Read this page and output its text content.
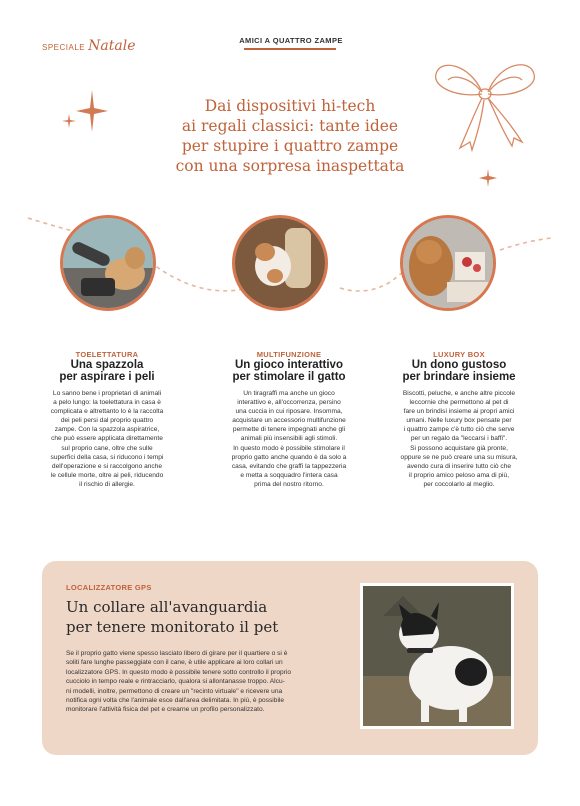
SPECIALE Natale	AMICI A QUATTRO ZAMPE
Dai dispositivi hi-tech
ai regali classici: tante idee
per stupire i quattro zampe
con una sorpresa inaspettata
TOELETTATURA
Una spazzola
per aspirare i peli
Lo sanno bene i proprietari di animali
a pelo lungo: la toelettatura in casa è
complicata e altrettanto lo è la raccolta
dei peli persi dal proprio quattro
zampe. Con la spazzola aspiratrice,
che può essere applicata direttamente
sul proprio cane, oltre che sulle
superfici della casa, si riducono i tempi
dell'operazione e si raccolgono anche
le cellule morte, oltre ai peli, riducendo
il rischio di allergie.
MULTIFUNZIONE
Un gioco interattivo
per stimolare il gatto
Un tiragraffi ma anche un gioco
interattivo e, all'occorrenza, persino
una cuccia in cui riposare. Insomma,
acquistare un accessorio multifunzione
permette di tenere impegnati anche gli
animali più insensibili agli stimoli.
In questo modo è possibile stimolare il
proprio gatto anche quando è da solo a
casa, evitando che graffi la tappezzeria
e metta a soqquadro l'intera casa
prima del nostro ritorno.
LUXURY BOX
Un dono gustoso
per brindare insieme
Biscotti, peluche, e anche altre piccole
leccornie che permettono al pet di
fare un brindisi insieme ai propri amici
umani. Nelle luxury box pensate per
i quattro zampe c'è tutto ciò che serve
per un regalo da "leccarsi i baffi".
Si possono acquistare già pronte,
oppure se ne può creare una su misura,
avendo cura di inserire tutto ciò che
il proprio amico peloso ama di più,
per coccolarlo al meglio.
LOCALIZZATORE GPS
Un collare all'avanguardia
per tenere monitorato il pet
Se il proprio gatto viene spesso lasciato libero di girare per il quartiere o si è
soliti fare lunghe passeggiate con il cane, è utile applicare ai loro collari un
localizzatore GPS. In questo modo è possibile tenere sotto controllo il proprio
cucciolo in tempo reale e rintracciarlo, qualora si allontanasse troppo. Alcu-
ni modelli, inoltre, permettono di creare un "recinto virtuale" e ricevere una
notifica ogni volta che l'animale esce dall'area delimitata. In più, è possibile
monitorare l'attività fisica del pet e crearne un profilo personalizzato.
